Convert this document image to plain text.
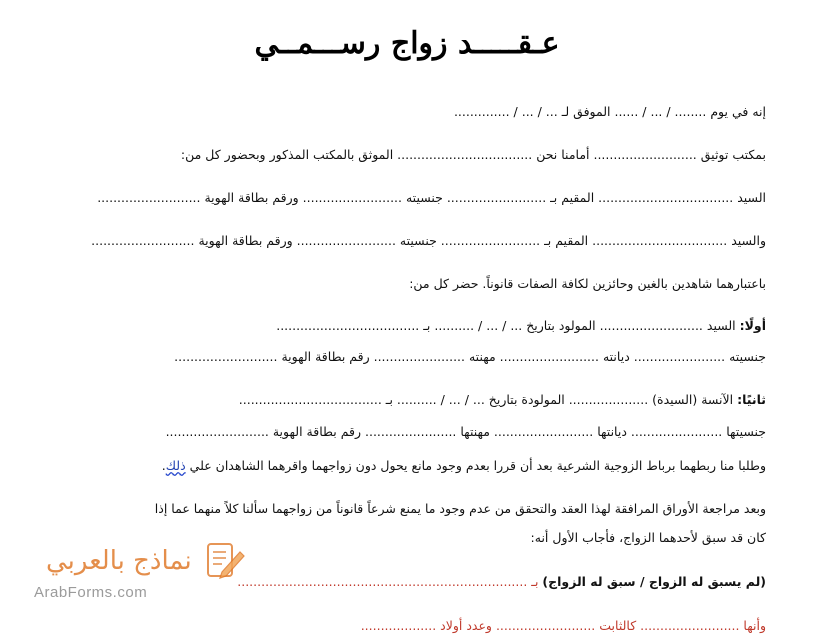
عـقـــــد زواج رســـمــي
إنه في يوم ........ / ... / ...... الموفق لـ ... / ... / ..............
بمكتب توثيق .......................... أمامنا نحن .................................. الموثق بالمكتب المذكور وبحضور كل من:
السيد .................................. المقيم بـ ......................... جنسيته ......................... ورقم بطاقة الهوية ..........................
والسيد .................................. المقيم بـ ......................... جنسيته ......................... ورقم بطاقة الهوية ..........................
باعتبارهما شاهدين بالغين وحائزين لكافة الصفات قانوناً. حضر كل من:
أولًا: السيد .......................... المولود بتاريخ ... / ... / .......... بـ ....................................
جنسيته ....................... ديانته ......................... مهنته ....................... رقم بطاقة الهوية ..........................
ثانيًا: الآنسة (السيدة) .................... المولودة بتاريخ ... / ... / .......... بـ ....................................
جنسيتها ....................... ديانتها ......................... مهنتها ....................... رقم بطاقة الهوية ..........................
وطلبا منا ربطهما برباط الزوجية الشرعية بعد أن قررا بعدم وجود مانع يحول دون زواجهما واقرهما الشاهدان علي ذلك.
وبعد مراجعة الأوراق المرافقة لهذا العقد والتحقق من عدم وجود ما يمنع شرعاً قانوناً من زواجهما سألنا كلاً منهما عما إذا
كان قد سبق لأحدهما الزواج، فأجاب الأول أنه:
(لم يسبق له الزواج / سبق له الزواج) بـ .........................................................................
وأنها ......................... كالثابت ......................... وعدد أولاد ...................
نماذج بالعربي
ArabForms.com
